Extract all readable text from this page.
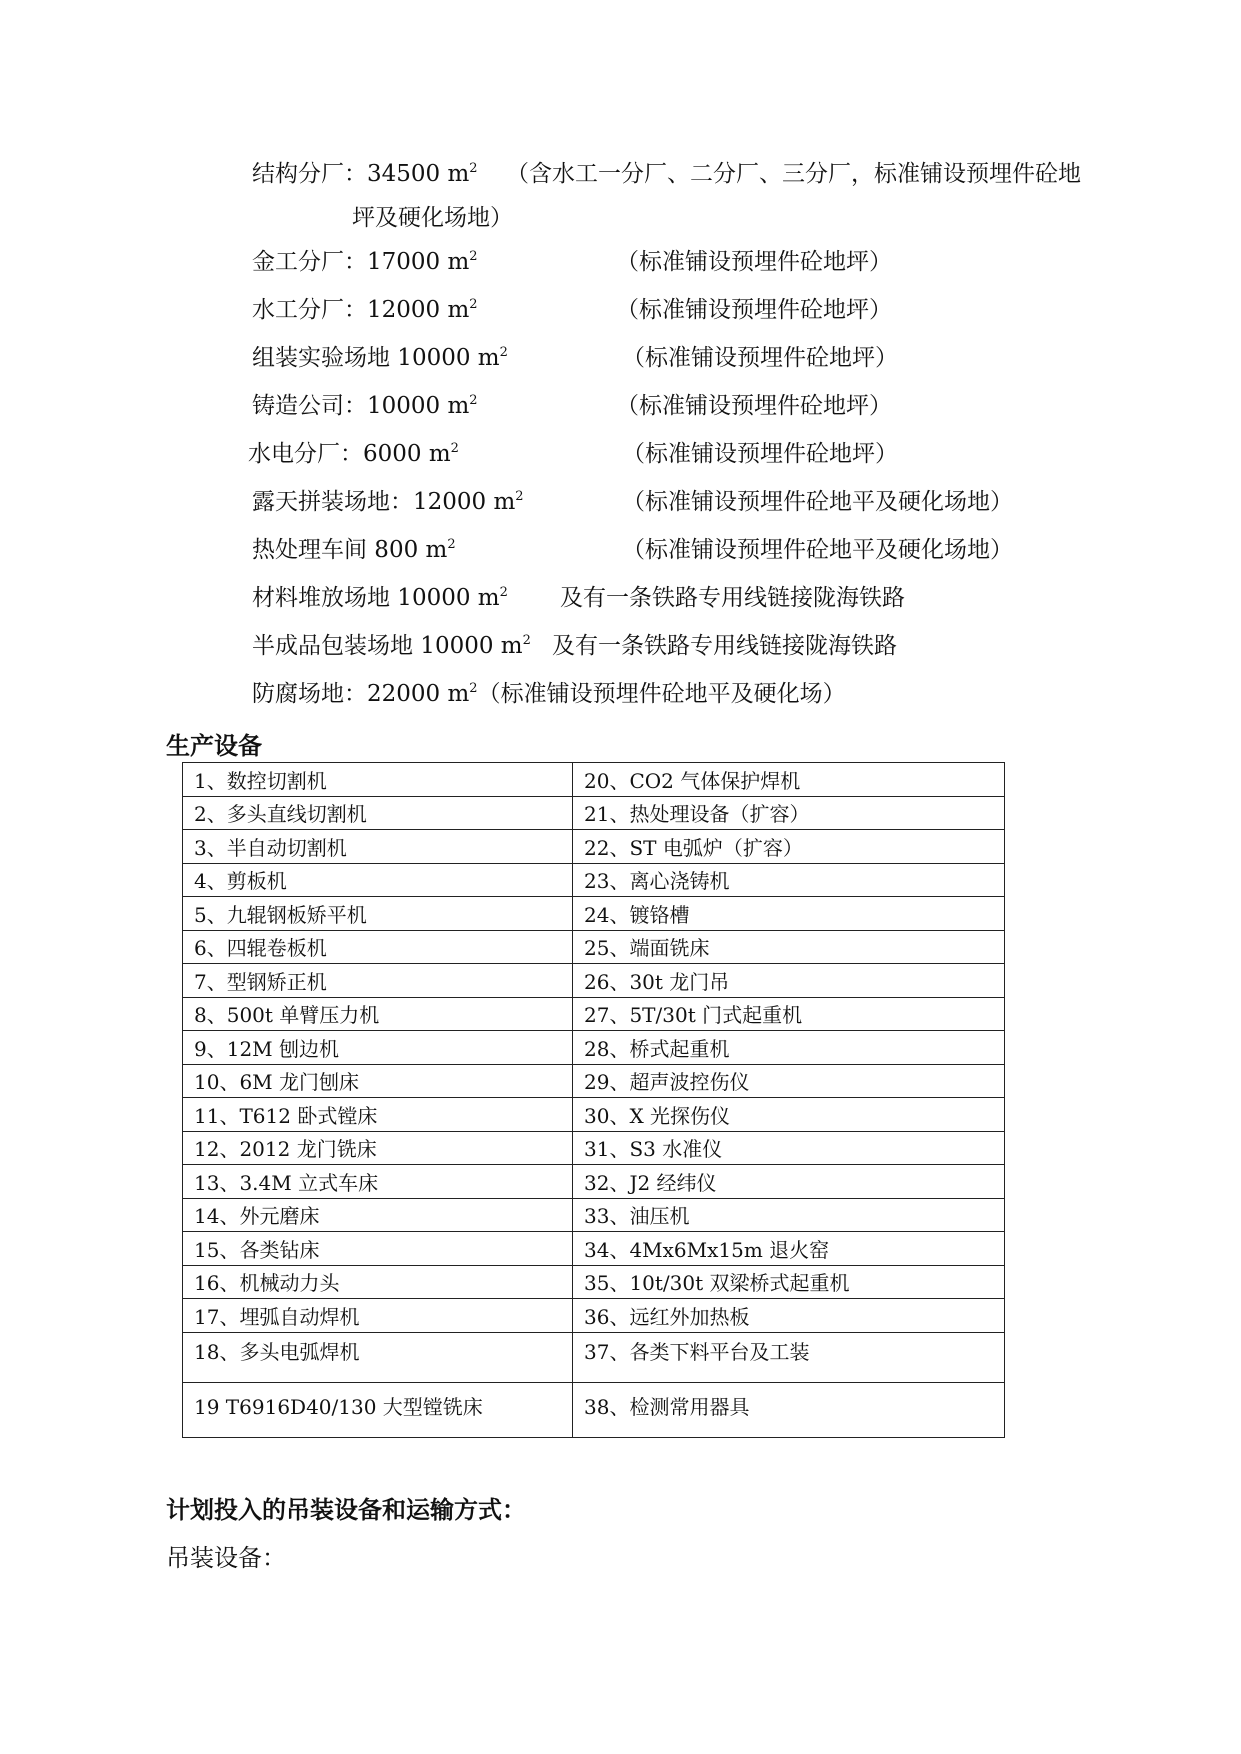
结构分厂：34500 $m^2$ （含水工一分厂、二分厂、三分厂，标准铺设预埋件砼地
坪及硬化场地）
金工分厂：17000 $m^2$	（标准铺设预埋件砼地坪）
水工分厂：12000 $m^2$	（标准铺设预埋件砼地坪）
组装实验场地 10000 $m^2$	（标准铺设预埋件砼地坪）
铸造公司：10000 $m^2$	（标准铺设预埋件砼地坪）
水电分厂：6000 $m^2$	（标准铺设预埋件砼地坪）
露天拼装场地：12000 $m^2$	（标准铺设预埋件砼地平及硬化场地）
热处理车间 800 $m^2$	（标准铺设预埋件砼地平及硬化场地）
材料堆放场地 10000 $m^2$ 及有一条铁路专用线链接陇海铁路
半成品包装场地 10000 $m^2$ 及有一条铁路专用线链接陇海铁路
防腐场地：22000 $m^2$（标准铺设预埋件砼地平及硬化场）
生产设备
1、数控切割机	20、CO2 气体保护焊机
2、多头直线切割机	21、热处理设备（扩容）
3、半自动切割机	22、ST 电弧炉（扩容）
4、剪板机	23、离心浇铸机
5、九辊钢板矫平机	24、镀铬槽
6、四辊卷板机	25、端面铣床
7、型钢矫正机	26、30t 龙门吊
8、500t 单臂压力机	27、5T/30t 门式起重机
9、12M 刨边机	28、桥式起重机
10、6M 龙门刨床	29、超声波控伤仪
11、T612 卧式镗床	30、X 光探伤仪
12、2012 龙门铣床	31、S3 水准仪
13、3.4M 立式车床	32、J2 经纬仪
14、外元磨床	33、油压机
15、各类钻床	34、4Mx6Mx15m 退火窑
16、机械动力头	35、10t/30t 双梁桥式起重机
17、埋弧自动焊机	36、远红外加热板
18、多头电弧焊机	37、各类下料平台及工装
19 T6916D40/130 大型镗铣床	38、检测常用器具
计划投入的吊装设备和运输方式：
吊装设备：
